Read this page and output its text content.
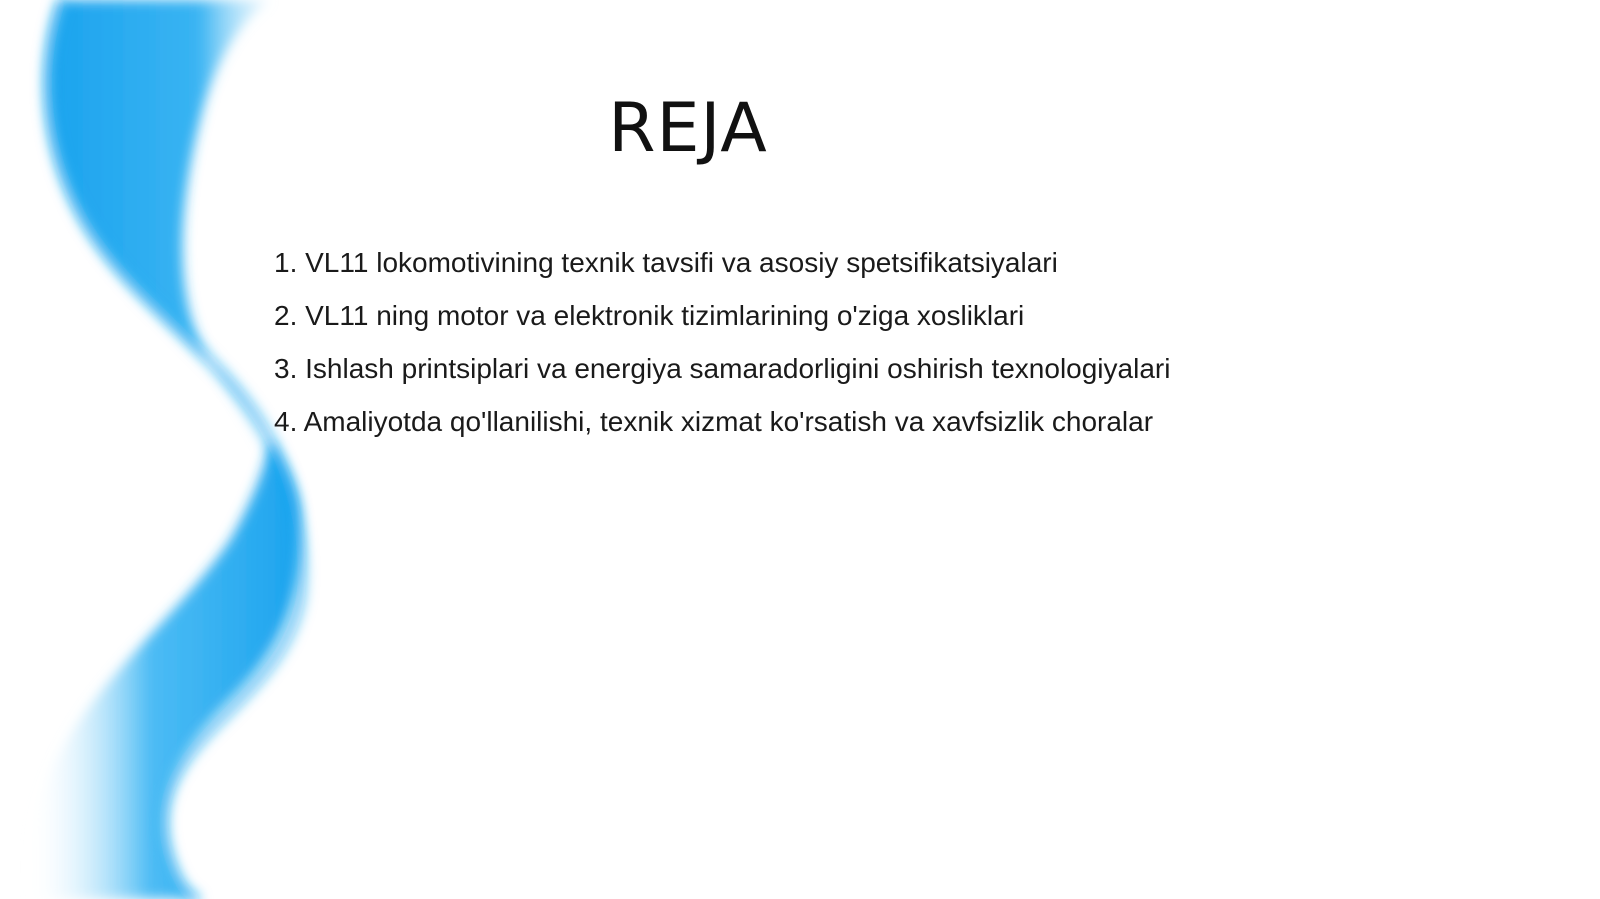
REJA
1. VL11 lokomotivining texnik tavsifi va asosiy spetsifikatsiyalari
2. VL11 ning motor va elektronik tizimlarining o'ziga xosliklari
3. Ishlash printsiplari va energiya samaradorligini oshirish texnologiyalari
4. Amaliyotda qo'llanilishi, texnik xizmat ko'rsatish va xavfsizlik choralar
